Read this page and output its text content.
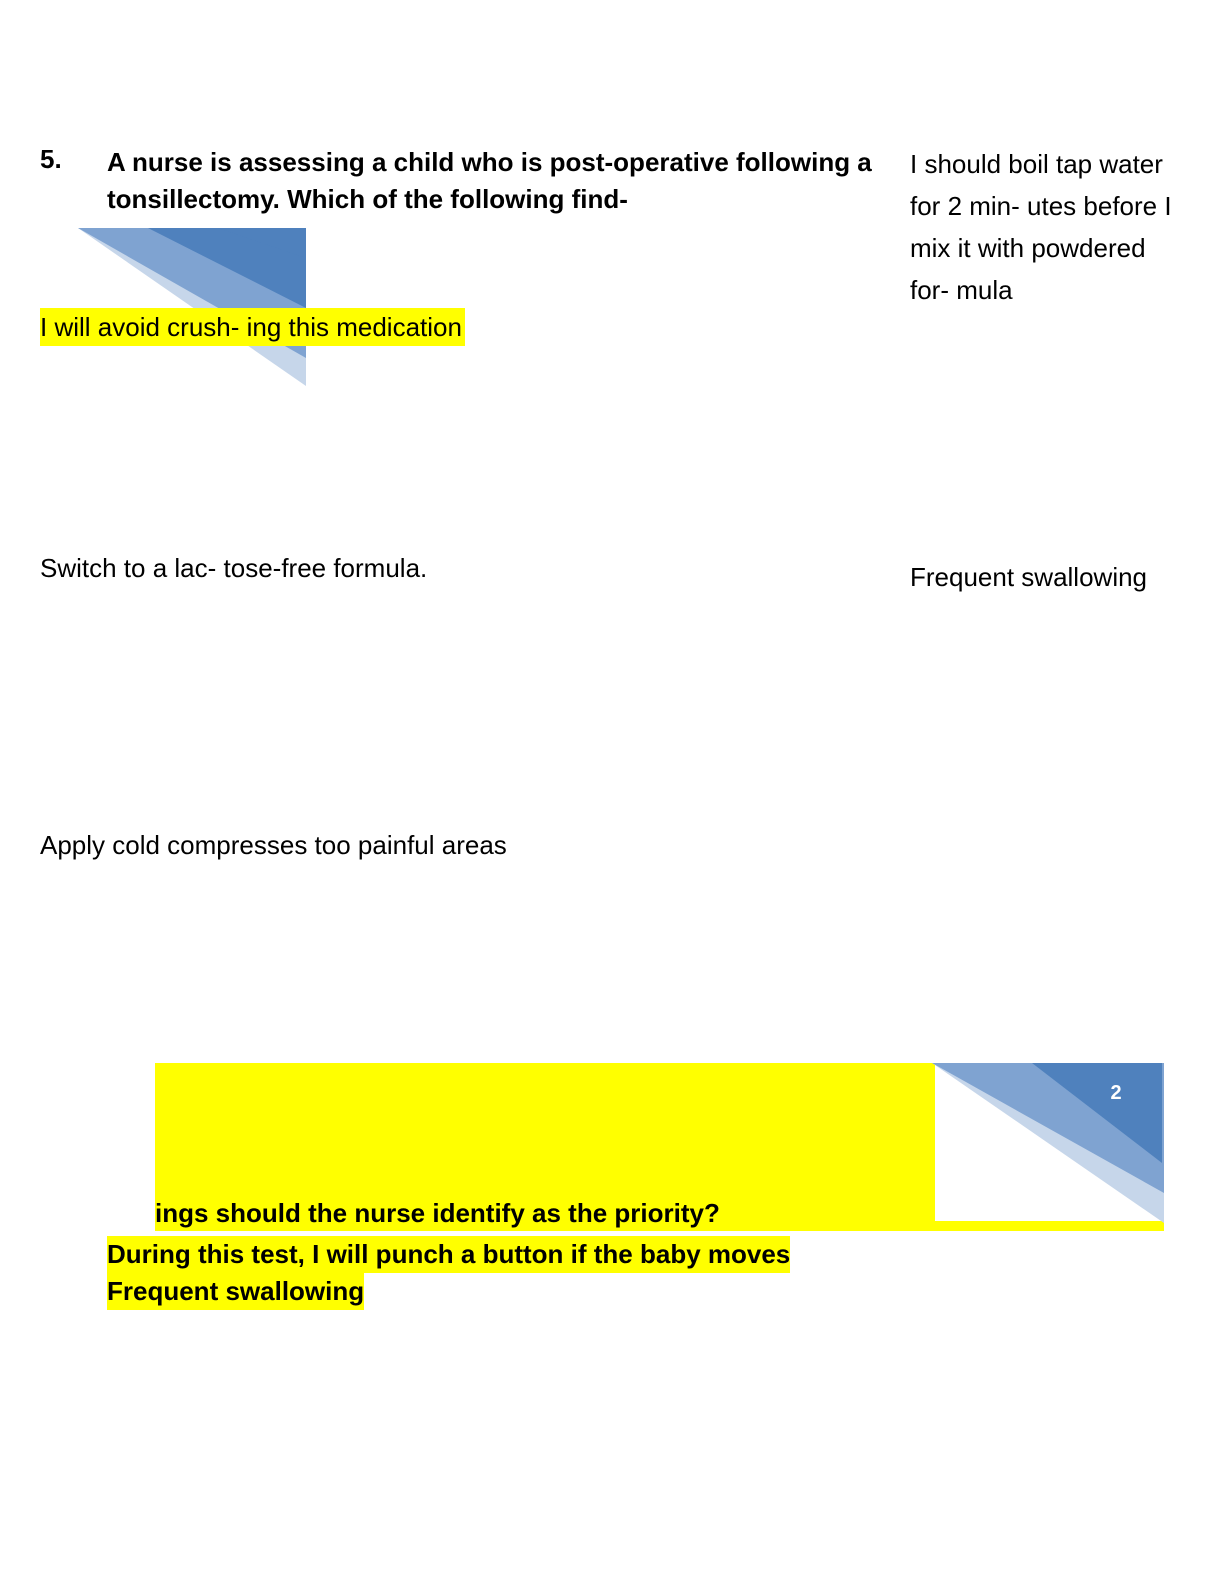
5. A nurse is assessing a child who is post-operative following a tonsillectomy. Which of the following find-
I should boil tap water for 2 min- utes before I mix it with powdered for- mula
Frequent swallowing
I will avoid crush- ing this medication
Switch to a lac- tose-free formula.
Apply cold compresses too painful areas
2
ings should the nurse identify as the priority?
During this test, I will punch a button if the baby moves
Frequent swallowing
